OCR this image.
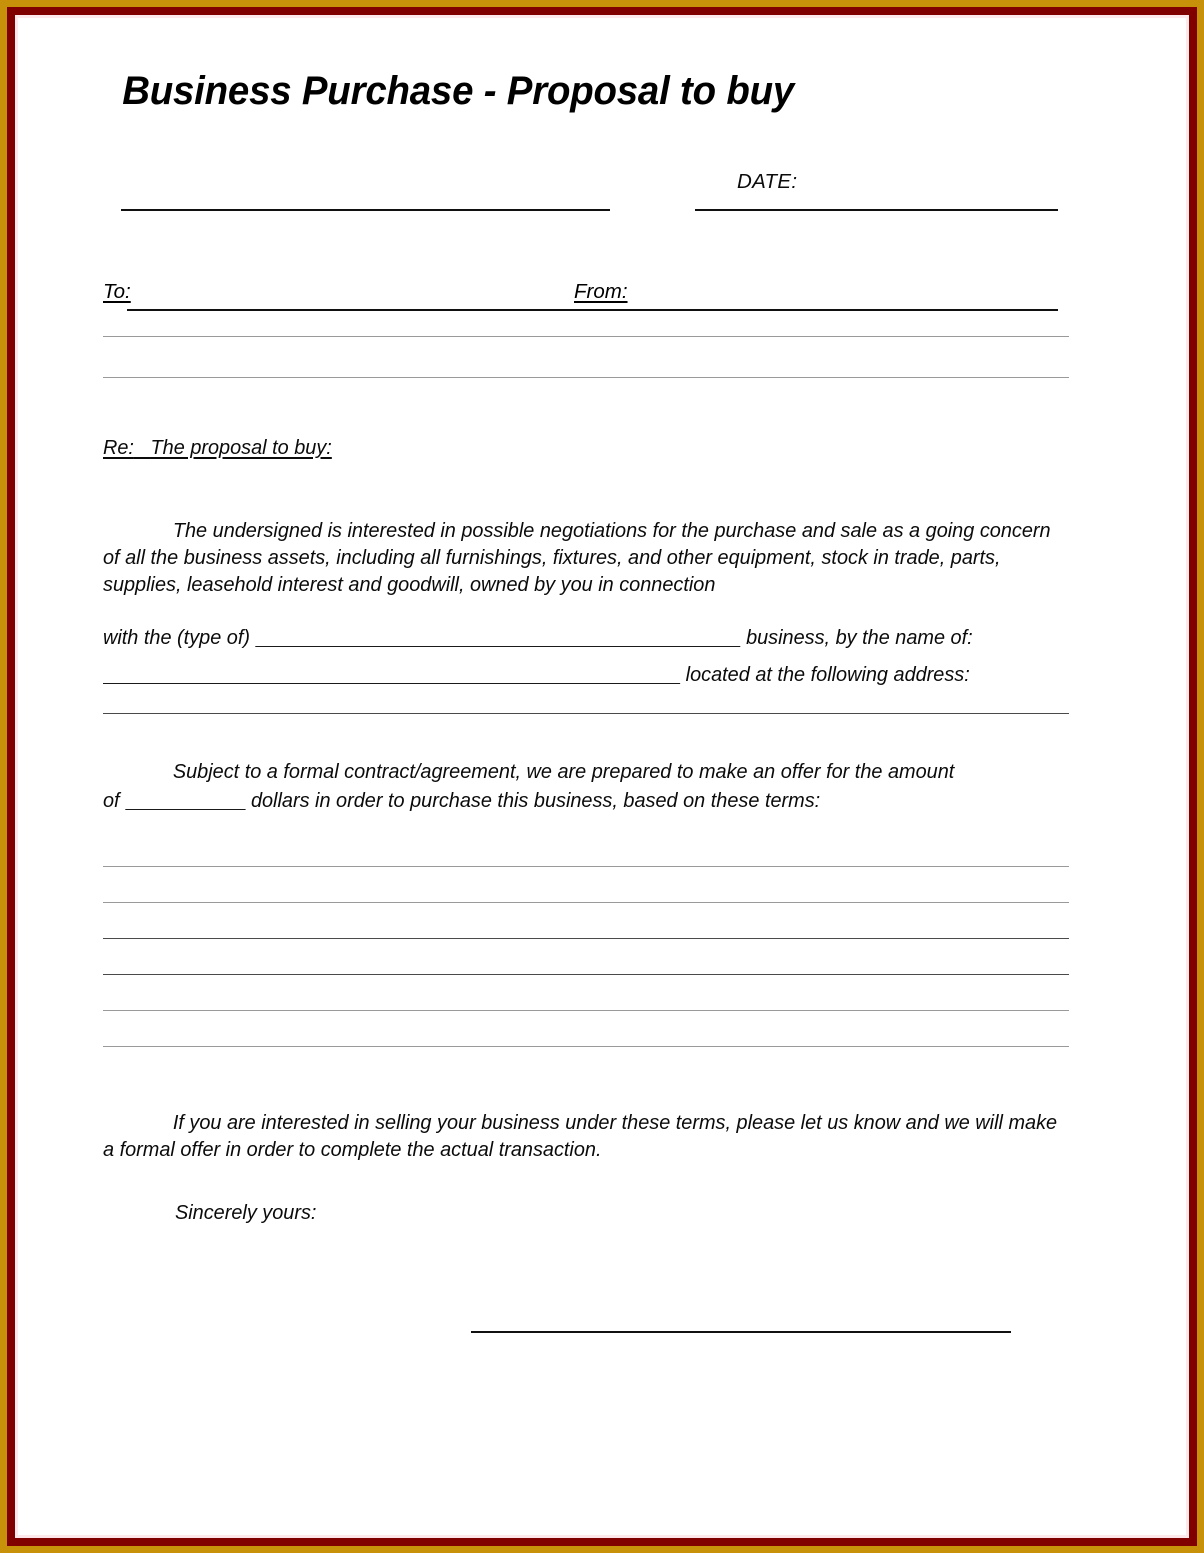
Business Purchase - Proposal to buy
DATE:
To:	From:
Re: The proposal to buy:

The undersigned is interested in possible negotiations for the purchase and sale as a going concern of all the business assets, including all furnishings, fixtures, and other equipment, stock in trade, parts, supplies, leasehold interest and goodwill, owned by you in connection

with the (type of)	business, by the name of:
located at the following address:

Subject to a formal contract/agreement, we are prepared to make an offer for the amount

of	dollars in order to purchase this business, based on these terms:

If you are interested in selling your business under these terms, please let us know and we will make a formal offer in order to complete the actual transaction.

Sincerely yours:
